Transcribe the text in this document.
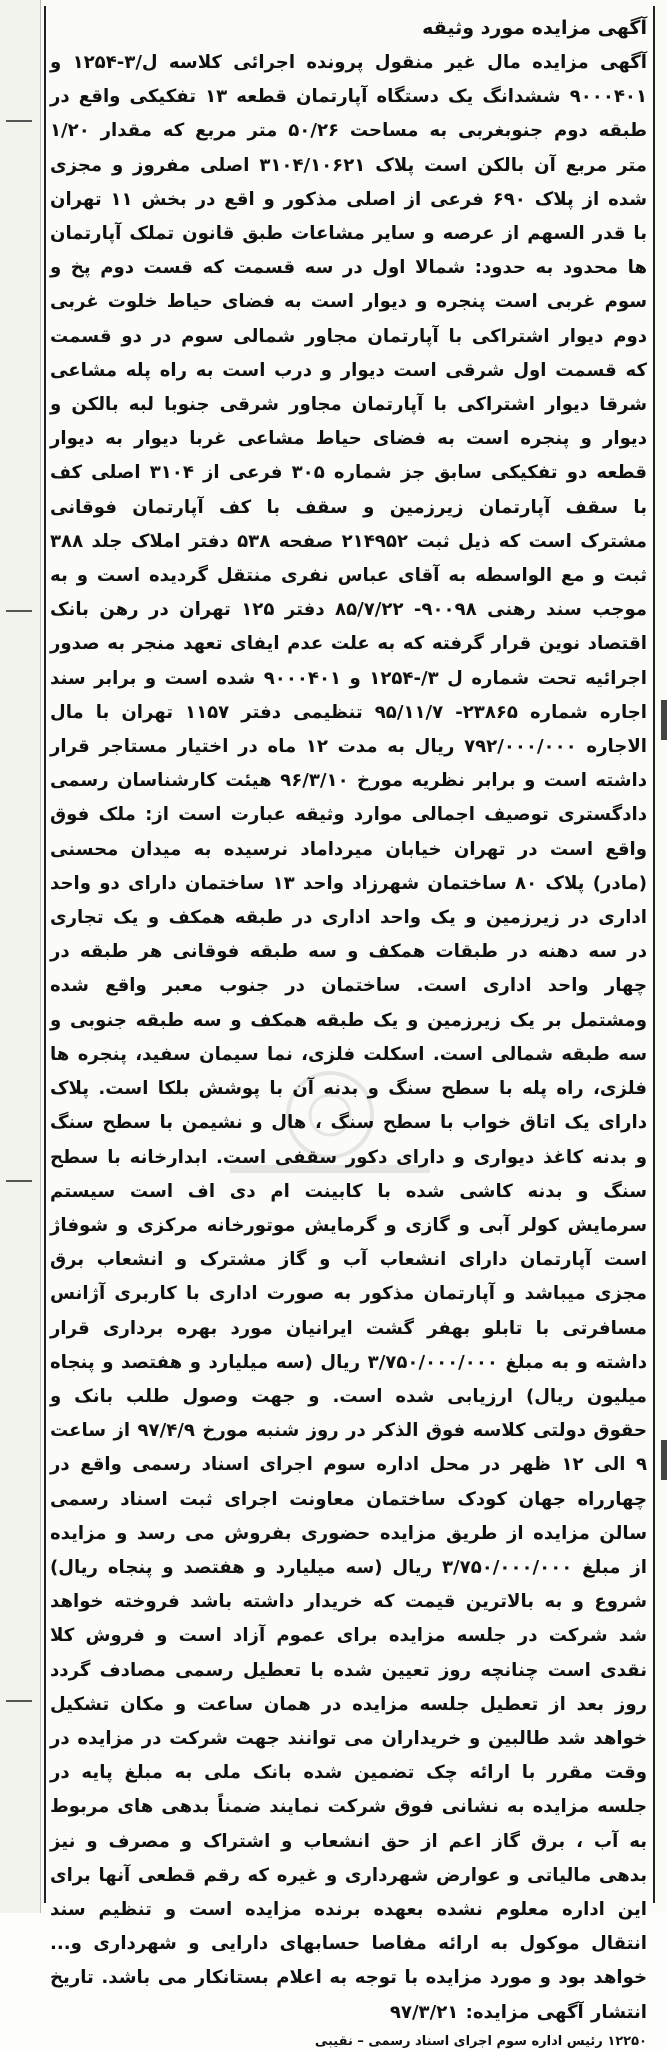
آگهی مزایده مورد وثیقه

آگهی مزایده مال غیر منقول پرونده اجرائی کلاسه ل/۳-۱۲۵۴ و ۹۰۰۰۴۰۱ ششدانگ یک دستگاه آپارتمان قطعه ۱۳ تفکیکی واقع در طبقه دوم جنوبغربی به مساحت ۵۰/۲۶ متر مربع که مقدار ۱/۲۰ متر مربع آن بالکن است پلاک ۳۱۰۴/۱۰۶۲۱ اصلی مفروز و مجزی شده از پلاک ۶۹۰ فرعی از اصلی مذکور و اقع در بخش ۱۱ تهران با قدر السهم از عرصه و سایر مشاعات طبق قانون تملک آپارتمان ها محدود به حدود: شمالا اول در سه قسمت که قست دوم پخ و سوم غربی است پنجره و دیوار است به فضای حیاط خلوت غربی دوم دیوار اشتراکی با آپارتمان مجاور شمالی سوم در دو قسمت که قسمت اول شرقی است دیوار و درب است به راه پله مشاعی شرقا دیوار اشتراکی با آپارتمان مجاور شرقی جنوبا لبه بالکن و دیوار و پنجره است به فضای حیاط مشاعی غربا دیوار به دیوار قطعه دو تفکیکی سابق جز شماره ۳۰۵ فرعی از ۳۱۰۴ اصلی کف با سقف آپارتمان زیرزمین و سقف با کف آپارتمان فوقانی مشترک است که ذیل ثبت ۲۱۴۹۵۲ صفحه ۵۳۸ دفتر املاک جلد ۳۸۸ ثبت و مع الواسطه به آقای عباس نفری منتقل گردیده است و به موجب سند رهنی ۹۰۰۹۸- ۸۵/۷/۲۲ دفتر ۱۲۵ تهران در رهن بانک اقتصاد نوین قرار گرفته که به علت عدم ایفای تعهد منجر به صدور اجرائیه تحت شماره ل ۳/-۱۲۵۴ و ۹۰۰۰۴۰۱ شده است و برابر سند اجاره شماره ۲۳۸۶۵- ۹۵/۱۱/۷ تنظیمی دفتر ۱۱۵۷ تهران با مال الاجاره ۷۹۲/۰۰۰/۰۰۰ ریال به مدت ۱۲ ماه در اختیار مستاجر قرار داشته است و برابر نظریه مورخ ۹۶/۳/۱۰ هیئت کارشناسان رسمی دادگستری توصیف اجمالی موارد وثیقه عبارت است از: ملک فوق واقع است در تهران خیابان میرداماد نرسیده به میدان محسنی (مادر) پلاک ۸۰ ساختمان شهرزاد واحد ۱۳ ساختمان دارای دو واحد اداری در زیرزمین و یک واحد اداری در طبقه همکف و یک تجاری در سه دهنه در طبقات همکف و سه طبقه فوقانی هر طبقه در چهار واحد اداری است. ساختمان در جنوب معبر واقع شده ومشتمل بر یک زیرزمین و یک طبقه همکف و سه طبقه جنوبی و سه طبقه شمالی است. اسکلت فلزی، نما سیمان سفید، پنجره ها فلزی، راه پله با سطح سنگ و بدنه آن با پوشش بلکا است. پلاک دارای یک اتاق خواب با سطح سنگ ، هال و نشیمن با سطح سنگ و بدنه کاغذ دیواری و دارای دکور سقفی است. ابدارخانه با سطح سنگ و بدنه کاشی شده با کابینت ام دی اف است سیستم سرمایش کولر آبی و گازی و گرمایش موتورخانه مرکزی و شوفاژ است آپارتمان دارای انشعاب آب و گاز مشترک و انشعاب برق مجزی میباشد و آپارتمان مذکور به صورت اداری با کاربری آژانس مسافرتی با تابلو بهفر گشت ایرانیان مورد بهره برداری قرار داشته و به مبلغ ۳/۷۵۰/۰۰۰/۰۰۰ ریال (سه میلیارد و هفتصد و پنجاه میلیون ریال) ارزیابی شده است. و جهت وصول طلب بانک و حقوق دولتی کلاسه فوق الذکر در روز شنبه مورخ ۹۷/۴/۹ از ساعت ۹ الی ۱۲ ظهر در محل اداره سوم اجرای اسناد رسمی واقع در چهارراه جهان کودک ساختمان معاونت اجرای ثبت اسناد رسمی سالن مزایده از طریق مزایده حضوری بفروش می رسد و مزایده از مبلغ ۳/۷۵۰/۰۰۰/۰۰۰ ریال (سه میلیارد و هفتصد و پنجاه ریال) شروع و به بالاترین قیمت که خریدار داشته باشد فروخته خواهد شد شرکت در جلسه مزایده برای عموم آزاد است و فروش کلا نقدی است چنانچه روز تعیین شده با تعطیل رسمی مصادف گردد روز بعد از تعطیل جلسه مزایده در همان ساعت و مکان تشکیل خواهد شد طالبین و خریداران می توانند جهت شرکت در مزایده در وقت مقرر با ارائه چک تضمین شده بانک ملی به مبلغ پایه در جلسه مزایده به نشانی فوق شرکت نمایند ضمناً بدهی های مربوط به آب ، برق گاز اعم از حق انشعاب و اشتراک و مصرف و نیز بدهی مالیاتی و عوارض شهرداری و غیره که رقم قطعی آنها برای این اداره معلوم نشده بعهده برنده مزایده است و تنظیم سند انتقال موکول به ارائه مفاصا حسابهای دارایی و شهرداری و... خواهد بود و مورد مزایده با توجه به اعلام بستانکار می باشد. تاریخ انتشار آگهی مزایده: ۹۷/۳/۲۱

۱۲۲۵۰ رئیس اداره سوم اجرای اسناد رسمی – نقیبی
